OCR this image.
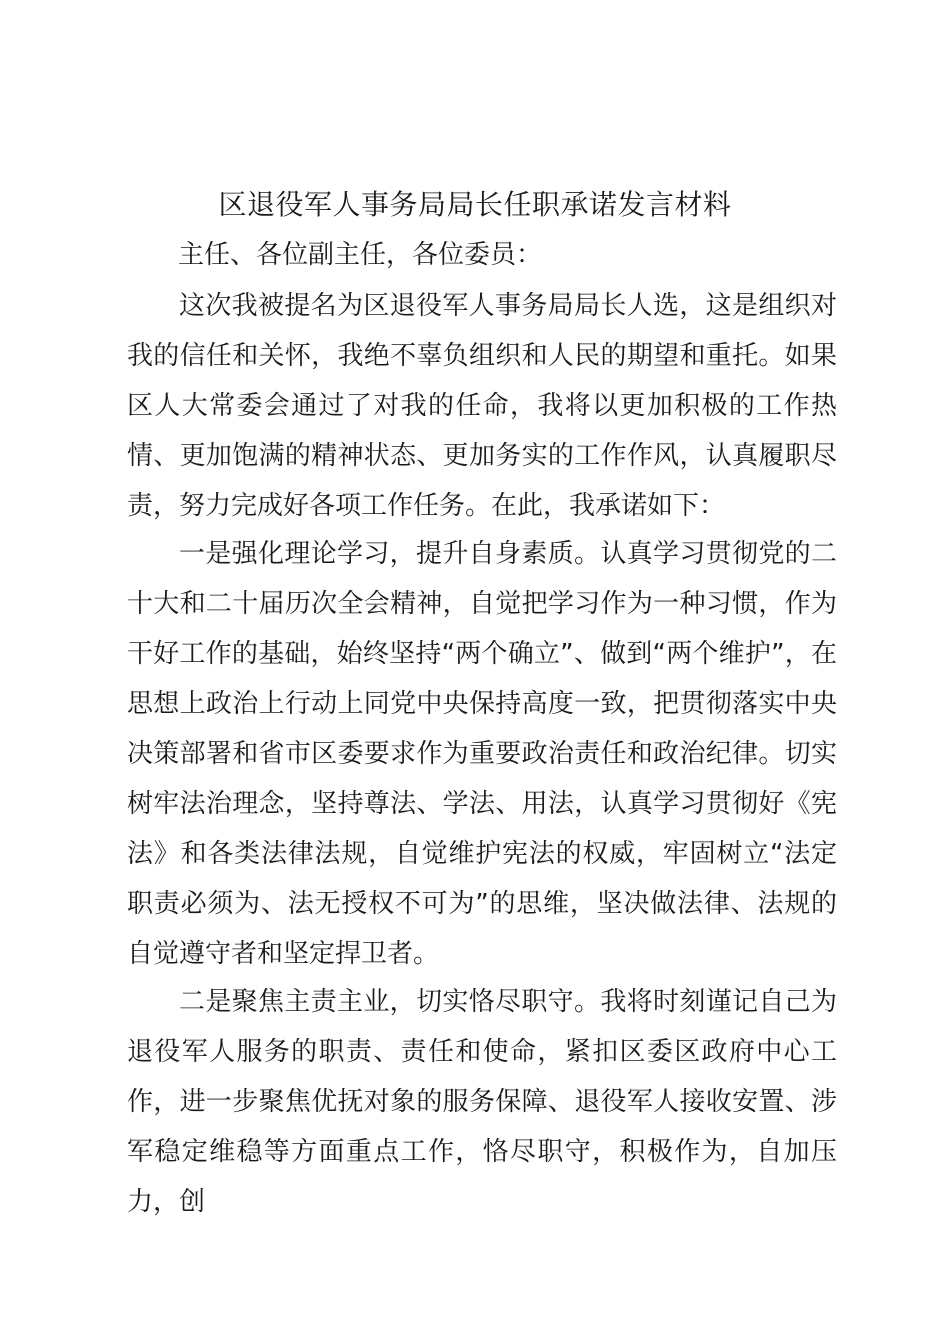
区退役军人事务局局长任职承诺发言材料
主任、各位副主任，各位委员：
这次我被提名为区退役军人事务局局长人选，这是组织对我的信任和关怀，我绝不辜负组织和人民的期望和重托。如果区人大常委会通过了对我的任命，我将以更加积极的工作热情、更加饱满的精神状态、更加务实的工作作风，认真履职尽责，努力完成好各项工作任务。在此，我承诺如下：
一是强化理论学习，提升自身素质。认真学习贯彻党的二十大和二十届历次全会精神，自觉把学习作为一种习惯，作为干好工作的基础，始终坚持“两个确立”、做到“两个维护”，在思想上政治上行动上同党中央保持高度一致，把贯彻落实中央决策部署和省市区委要求作为重要政治责任和政治纪律。切实树牢法治理念，坚持尊法、学法、用法，认真学习贯彻好《宪法》和各类法律法规，自觉维护宪法的权威，牢固树立“法定职责必须为、法无授权不可为”的思维，坚决做法律、法规的自觉遵守者和坚定捍卫者。
二是聚焦主责主业，切实恪尽职守。我将时刻谨记自己为退役军人服务的职责、责任和使命，紧扣区委区政府中心工作，进一步聚焦优抚对象的服务保障、退役军人接收安置、涉军稳定维稳等方面重点工作，恪尽职守，积极作为，自加压力，创
